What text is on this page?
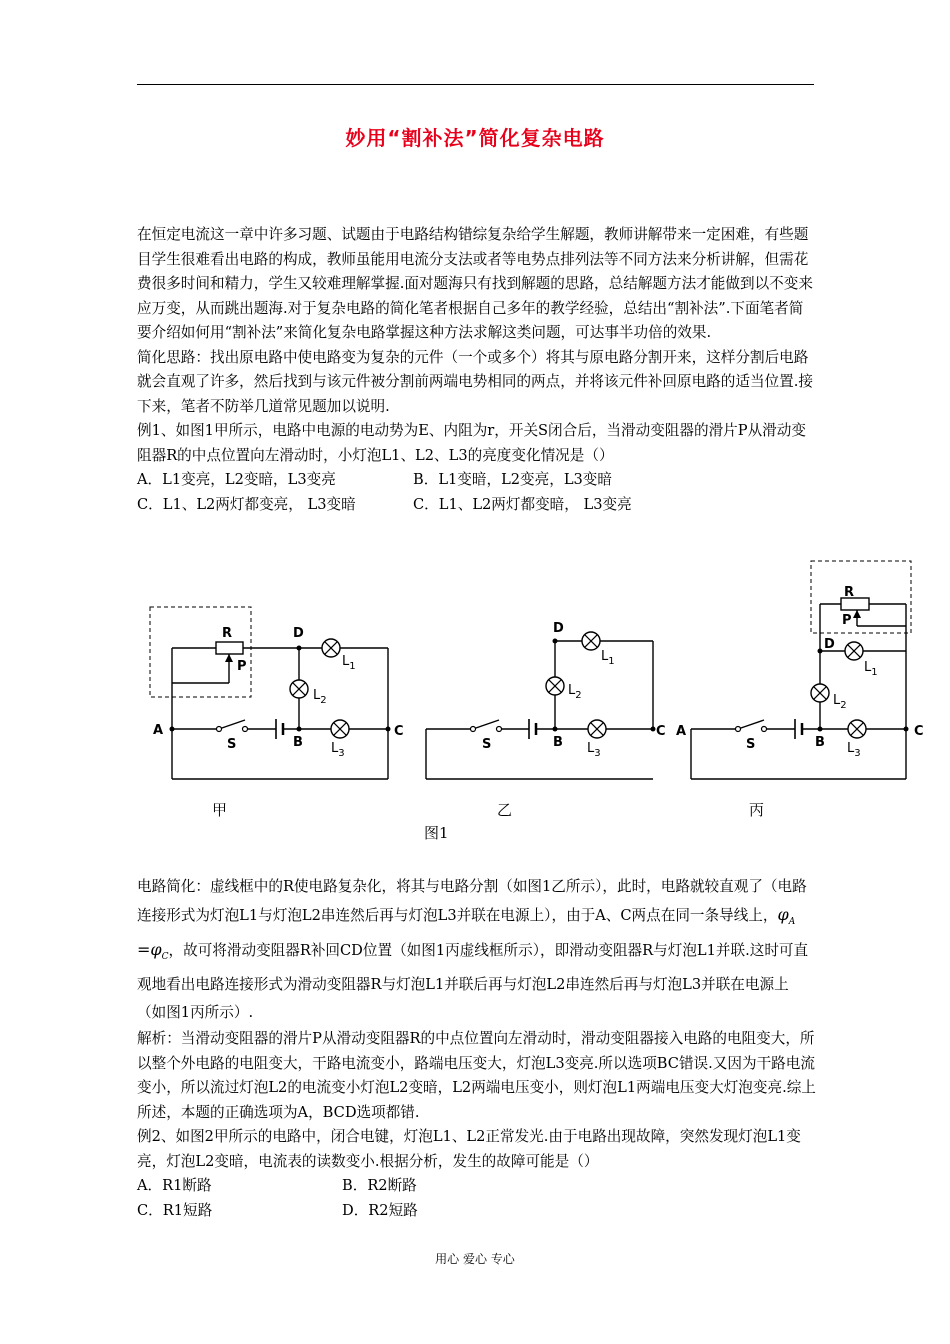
妙用“割补法”简化复杂电路

在恒定电流这一章中许多习题、试题由于电路结构错综复杂给学生解题，教师讲解带来一定困难，有些题目学生很难看出电路的构成，教师虽能用电流分支法或者等电势点排列法等不同方法来分析讲解，但需花费很多时间和精力，学生又较难理解掌握.面对题海只有找到解题的思路，总结解题方法才能做到以不变来应万变，从而跳出题海.对于复杂电路的简化笔者根据自己多年的教学经验，总结出“割补法”.下面笔者简要介绍如何用“割补法”来简化复杂电路掌握这种方法求解这类问题，可达事半功倍的效果.

简化思路：找出原电路中使电路变为复杂的元件（一个或多个）将其与原电路分割开来，这样分割后电路就会直观了许多，然后找到与该元件被分割前两端电势相同的两点，并将该元件补回原电路的适当位置.接下来，笔者不防举几道常见题加以说明.

例1、如图1甲所示，电路中电源的电动势为E、内阻为r，开关S闭合后，当滑动变阻器的滑片P从滑动变阻器R的中点位置向左滑动时，小灯泡L1、L2、L3的亮度变化情况是（）

A．L1变亮，L2变暗，L3变亮	B．L1变暗，L2变亮，L3变暗
C．L1、L2两灯都变亮， L3变暗	C．L1、L2两灯都变暗， L3变亮
R
P
D
A
B
C
S
$L_1$
$L_2$
$L_3$
D
B
C
S
$L_1$
$L_2$
$L_3$
R
P
D
A
B
C
S
$L_1$
$L_2$
$L_3$
甲	乙	丙
图1

电路简化：虚线框中的R使电路复杂化，将其与电路分割（如图1乙所示），此时，电路就较直观了（电路连接形式为灯泡L1与灯泡L2串连然后再与灯泡L3并联在电源上），由于A、C两点在同一条导线上，$\varphi_A =\varphi_C$，故可将滑动变阻器R补回CD位置（如图1丙虚线框所示），即滑动变阻器R与灯泡L1并联.这时可直观地看出电路连接形式为滑动变阻器R与灯泡L1并联后再与灯泡L2串连然后再与灯泡L3并联在电源上（如图1丙所示）.

解析：当滑动变阻器的滑片P从滑动变阻器R的中点位置向左滑动时，滑动变阻器接入电路的电阻变大，所以整个外电路的电阻变大，干路电流变小，路端电压变大，灯泡L3变亮.所以选项BC错误.又因为干路电流变小，所以流过灯泡L2的电流变小灯泡L2变暗，L2两端电压变小，则灯泡L1两端电压变大灯泡变亮.综上所述，本题的正确选项为A，BCD选项都错.

例2、如图2甲所示的电路中，闭合电键，灯泡L1、L2正常发光.由于电路出现故障，突然发现灯泡L1变亮，灯泡L2变暗，电流表的读数变小.根据分析，发生的故障可能是（）

A．R1断路	B．R2断路
C．R1短路	D．R2短路
用心 爱心 专心
